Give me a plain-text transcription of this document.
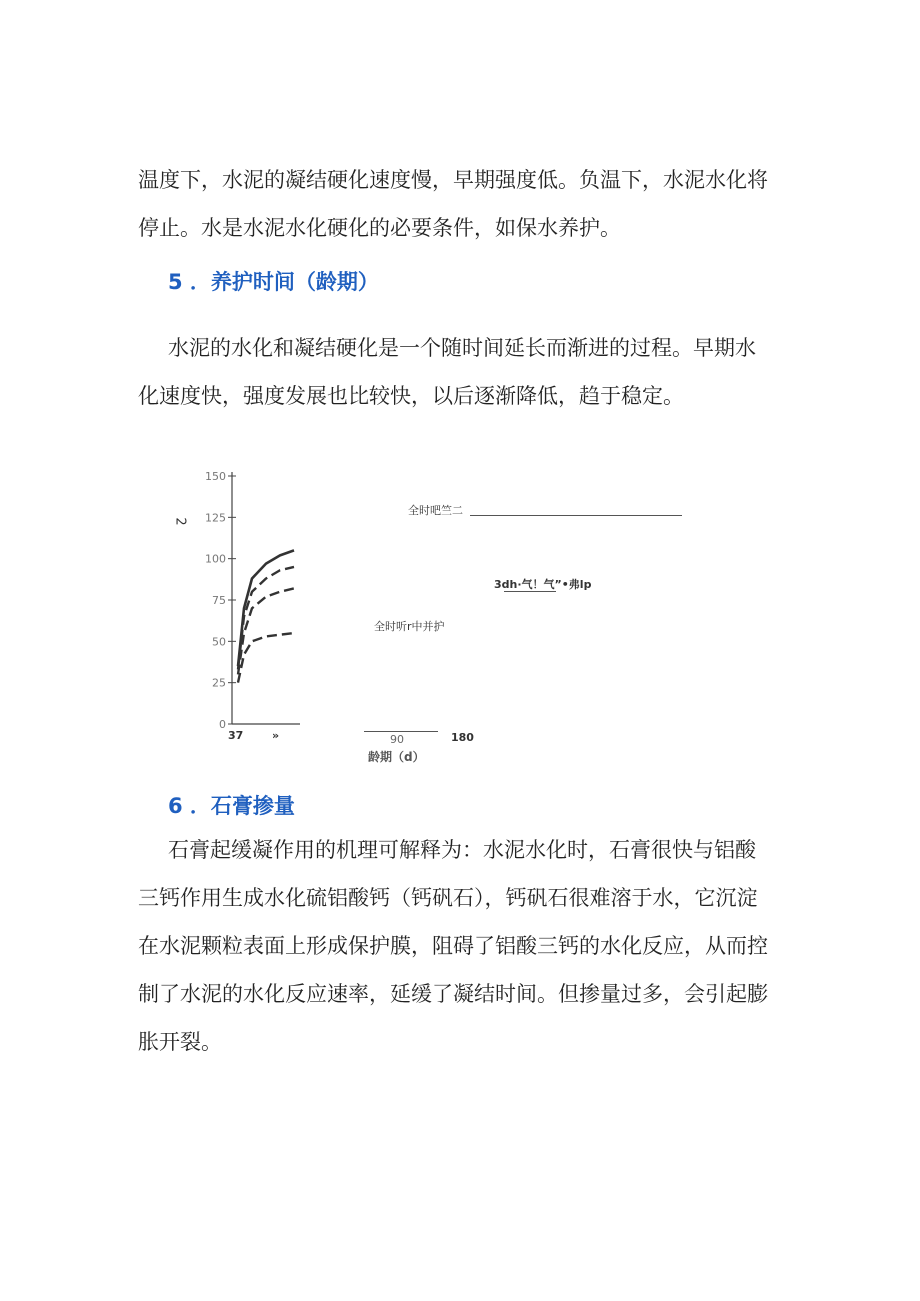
温度下，水泥的凝结硬化速度慢，早期强度低。负温下，水泥水化将
停止。水是水泥水化硬化的必要条件，如保水养护。

5 ．养护时间（龄期）

水泥的水化和凝结硬化是一个随时间延长而渐进的过程。早期水
化速度快，强度发展也比较快，以后逐渐降低，趋于稳定。

0
25
50
75
100
125
150
2
全时吧竺二
3dh·气！气”•弗lp
全时听r中并护
37	»	90	180
龄期（d）
6 ．石膏掺量

石膏起缓凝作用的机理可解释为：水泥水化时，石膏很快与铝酸
三钙作用生成水化硫铝酸钙（钙矾石），钙矾石很难溶于水，它沉淀
在水泥颗粒表面上形成保护膜，阻碍了铝酸三钙的水化反应，从而控
制了水泥的水化反应速率，延缓了凝结时间。但掺量过多，会引起膨
胀开裂。
